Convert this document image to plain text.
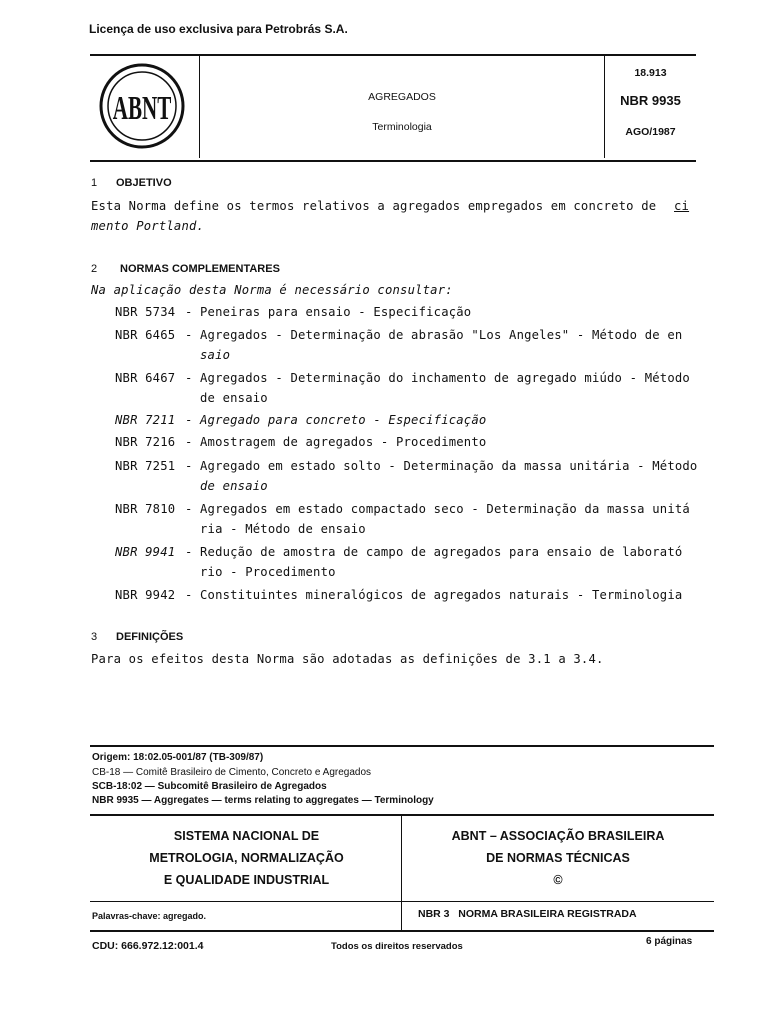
Licença de uso exclusiva para Petrobrás S.A.
ABNT	AGREGADOS
Terminologia
18.913
NBR 9935
AGO/1987
1 OBJETIVO
Esta Norma define os termos relativos a agregados empregados em concreto de ci
mento Portland.
2 NORMAS COMPLEMENTARES
Na aplicação desta Norma é necessário consultar:
NBR 5734 - Peneiras para ensaio - Especificação
NBR 6465 - Agregados - Determinação de abrasão "Los Angeles" - Método de en
saio
NBR 6467 - Agregados - Determinação do inchamento de agregado miúdo - Método
de ensaio
NBR 7211 - Agregado para concreto - Especificação
NBR 7216 - Amostragem de agregados - Procedimento
NBR 7251 - Agregado em estado solto - Determinação da massa unitária - Método
de ensaio
NBR 7810 - Agregados em estado compactado seco - Determinação da massa unitá
ria - Método de ensaio
NBR 9941 - Redução de amostra de campo de agregados para ensaio de laborató
rio - Procedimento
NBR 9942 - Constituintes mineralógicos de agregados naturais - Terminologia
3 DEFINIÇÕES
Para os efeitos desta Norma são adotadas as definições de 3.1 a 3.4.
Origem: 18:02.05-001/87 (TB-309/87)
CB-18 — Comitê Brasileiro de Cimento, Concreto e Agregados
SCB-18:02 — Subcomitê Brasileiro de Agregados
NBR 9935 — Aggregates — terms relating to aggregates — Terminology
SISTEMA NACIONAL DE
METROLOGIA, NORMALIZAÇÃO
E QUALIDADE INDUSTRIAL
ABNT – ASSOCIAÇÃO BRASILEIRA
DE NORMAS TÉCNICAS
©
Palavras-chave: agregado.	NBR 3   NORMA BRASILEIRA REGISTRADA
CDU: 666.972.12:001.4	Todos os direitos reservados	6 páginas
